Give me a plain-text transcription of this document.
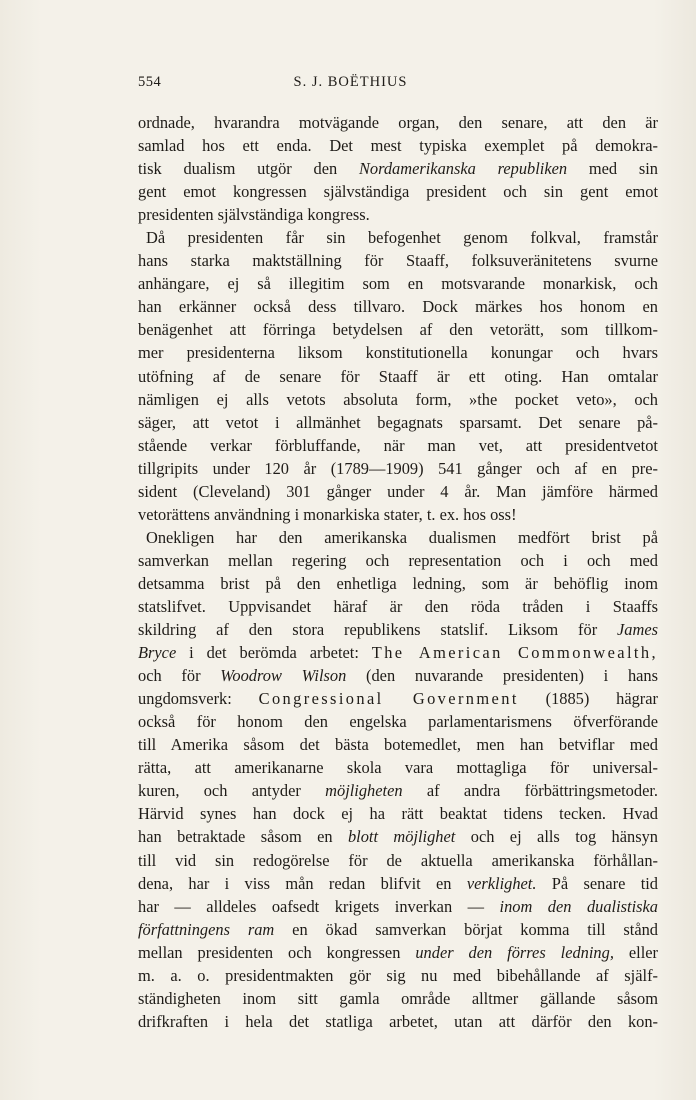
554	S. J. BOËTHIUS
ordnade, hvarandra motvägande organ, den senare, att den är
samlad hos ett enda. Det mest typiska exemplet på demokra-
tisk dualism utgör den Nordamerikanska republiken med sin
gent emot kongressen självständiga president och sin gent emot
presidenten självständiga kongress.
Då presidenten får sin befogenhet genom folkval, framstår
hans starka maktställning för Staaff, folksuveränitetens svurne
anhängare, ej så illegitim som en motsvarande monarkisk, och
han erkänner också dess tillvaro. Dock märkes hos honom en
benägenhet att förringa betydelsen af den vetorätt, som tillkom-
mer presidenterna liksom konstitutionella konungar och hvars
utöfning af de senare för Staaff är ett oting. Han omtalar
nämligen ej alls vetots absoluta form, »the pocket veto», och
säger, att vetot i allmänhet begagnats sparsamt. Det senare på-
stående verkar förbluffande, när man vet, att presidentvetot
tillgripits under 120 år (1789—1909) 541 gånger och af en pre-
sident (Cleveland) 301 gånger under 4 år. Man jämföre härmed
vetorättens användning i monarkiska stater, t. ex. hos oss!
Onekligen har den amerikanska dualismen medfört brist på
samverkan mellan regering och representation och i och med
detsamma brist på den enhetliga ledning, som är behöflig inom
statslifvet. Uppvisandet häraf är den röda tråden i Staaffs
skildring af den stora republikens statslif. Liksom för James
Bryce i det berömda arbetet: The American Commonwealth,
och för Woodrow Wilson (den nuvarande presidenten) i hans
ungdomsverk: Congressional Government (1885) hägrar
också för honom den engelska parlamentarismens öfverförande
till Amerika såsom det bästa botemedlet, men han betviflar med
rätta, att amerikanarne skola vara mottagliga för universal-
kuren, och antyder möjligheten af andra förbättringsmetoder.
Härvid synes han dock ej ha rätt beaktat tidens tecken. Hvad
han betraktade såsom en blott möjlighet och ej alls tog hänsyn
till vid sin redogörelse för de aktuella amerikanska förhållan-
dena, har i viss mån redan blifvit en verklighet. På senare tid
har — alldeles oafsedt krigets inverkan — inom den dualistiska
författningens ram en ökad samverkan börjat komma till stånd
mellan presidenten och kongressen under den förres ledning, eller
m. a. o. presidentmakten gör sig nu med bibehållande af själf-
ständigheten inom sitt gamla område alltmer gällande såsom
drifkraften i hela det statliga arbetet, utan att därför den kon-
